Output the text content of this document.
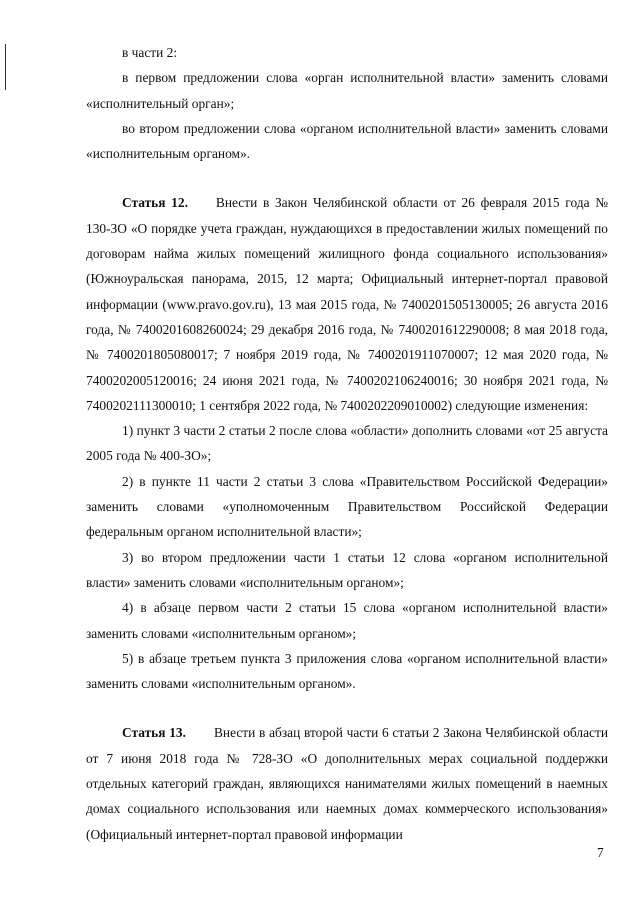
в части 2:

в первом предложении слова «орган исполнительной власти» заменить словами «исполнительный орган»;

во втором предложении слова «органом исполнительной власти» заменить словами «исполнительным органом».

Статья 12. Внести в Закон Челябинской области от 26 февраля 2015 года № 130-ЗО «О порядке учета граждан, нуждающихся в предоставлении жилых помещений по договорам найма жилых помещений жилищного фонда социального использования» (Южноуральская панорама, 2015, 12 марта; Официальный интернет-портал правовой информации (www.pravo.gov.ru), 13 мая 2015 года, № 7400201505130005; 26 августа 2016 года, № 7400201608260024; 29 декабря 2016 года, № 7400201612290008; 8 мая 2018 года, № 7400201805080017; 7 ноября 2019 года, № 7400201911070007; 12 мая 2020 года, № 7400202005120016; 24 июня 2021 года, № 7400202106240016; 30 ноября 2021 года, № 7400202111300010; 1 сентября 2022 года, № 7400202209010002) следующие изменения:

1) пункт 3 части 2 статьи 2 после слова «области» дополнить словами «от 25 августа 2005 года № 400-ЗО»;

2) в пункте 11 части 2 статьи 3 слова «Правительством Российской Федерации» заменить словами «уполномоченным Правительством Российской Федерации федеральным органом исполнительной власти»;

3) во втором предложении части 1 статьи 12 слова «органом исполнительной власти» заменить словами «исполнительным органом»;

4) в абзаце первом части 2 статьи 15 слова «органом исполнительной власти» заменить словами «исполнительным органом»;

5) в абзаце третьем пункта 3 приложения слова «органом исполнительной власти» заменить словами «исполнительным органом».

Статья 13. Внести в абзац второй части 6 статьи 2 Закона Челябинской области от 7 июня 2018 года № 728-ЗО «О дополнительных мерах социальной поддержки отдельных категорий граждан, являющихся нанимателями жилых помещений в наемных домах социального использования или наемных домах коммерческого использования» (Официальный интернет-портал правовой информации

7
